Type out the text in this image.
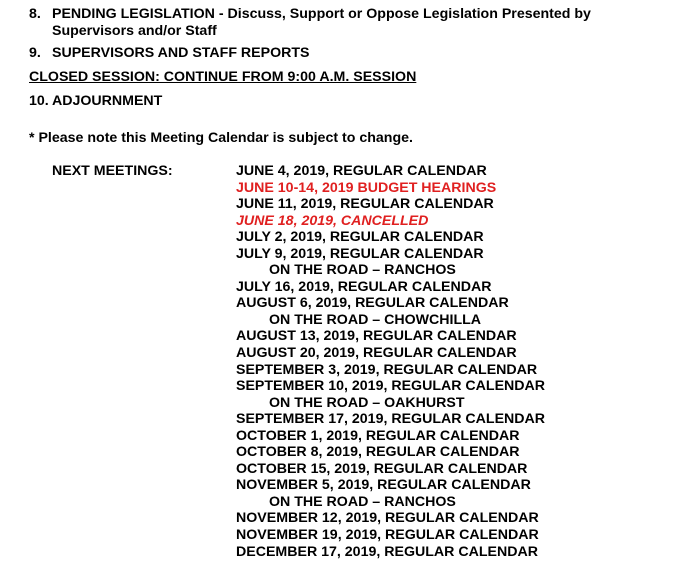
8. PENDING LEGISLATION - Discuss, Support or Oppose Legislation Presented by Supervisors and/or Staff
9. SUPERVISORS AND STAFF REPORTS
CLOSED SESSION: CONTINUE FROM 9:00 A.M. SESSION
10. ADJOURNMENT
* Please note this Meeting Calendar is subject to change.
NEXT MEETINGS:	JUNE 4, 2019, REGULAR CALENDAR
JUNE 10-14, 2019 BUDGET HEARINGS
JUNE 11, 2019, REGULAR CALENDAR
JUNE 18, 2019, CANCELLED
JULY 2, 2019, REGULAR CALENDAR
JULY 9, 2019, REGULAR CALENDAR
ON THE ROAD – RANCHOS
JULY 16, 2019, REGULAR CALENDAR
AUGUST 6, 2019, REGULAR CALENDAR
ON THE ROAD – CHOWCHILLA
AUGUST 13, 2019, REGULAR CALENDAR
AUGUST 20, 2019, REGULAR CALENDAR
SEPTEMBER 3, 2019, REGULAR CALENDAR
SEPTEMBER 10, 2019, REGULAR CALENDAR
ON THE ROAD – OAKHURST
SEPTEMBER 17, 2019, REGULAR CALENDAR
OCTOBER 1, 2019, REGULAR CALENDAR
OCTOBER 8, 2019, REGULAR CALENDAR
OCTOBER 15, 2019, REGULAR CALENDAR
NOVEMBER 5, 2019, REGULAR CALENDAR
ON THE ROAD – RANCHOS
NOVEMBER 12, 2019, REGULAR CALENDAR
NOVEMBER 19, 2019, REGULAR CALENDAR
DECEMBER 17, 2019, REGULAR CALENDAR
